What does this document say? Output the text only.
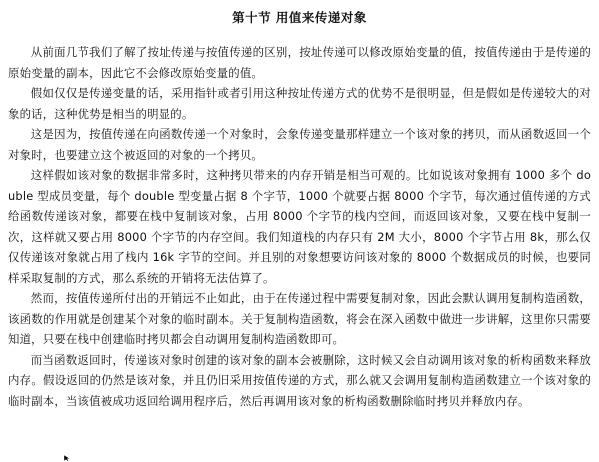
第十节 用值来传递对象

从前面几节我们了解了按址传递与按值传递的区别，按址传递可以修改原始变量的值，按值传递由于是传递的原始变量的副本，因此它不会修改原始变量的值。

假如仅仅是传递变量的话，采用指针或者引用这种按址传递方式的优势不是很明显，但是假如是传递较大的对象的话，这种优势是相当的明显的。

这是因为，按值传递在向函数传递一个对象时，会象传递变量那样建立一个该对象的拷贝，而从函数返回一个对象时，也要建立这个被返回的对象的一个拷贝。

这样假如该对象的数据非常多时，这种拷贝带来的内存开销是相当可观的。比如说该对象拥有 1000 多个 double 型成员变量，每个 double 型变量占据 8 个字节，1000 个就要占据 8000 个字节，每次通过值传递的方式给函数传递该对象，都要在栈中复制该对象，占用 8000 个字节的栈内空间，而返回该对象，又要在栈中复制一次，这样就又要占用 8000 个字节的内存空间。我们知道栈的内存只有 2M 大小，8000 个字节占用 8k，那么仅仅传递该对象就占用了栈内 16k 字节的空间。并且别的对象想要访问该对象的 8000 个数据成员的时候，也要同样采取复制的方式，那么系统的开销将无法估算了。

然而，按值传递所付出的开销远不止如此，由于在传递过程中需要复制对象，因此会默认调用复制构造函数，该函数的作用就是创建某个对象的临时副本。关于复制构造函数，将会在深入函数中做进一步讲解，这里你只需要知道，只要在栈中创建临时拷贝都会自动调用复制构造函数即可。

而当函数返回时，传递该对象时创建的该对象的副本会被删除，这时候又会自动调用该对象的析构函数来释放内存。假设返回的仍然是该对象，并且仍旧采用按值传递的方式，那么就又会调用复制构造函数建立一个该对象的临时副本，当该值被成功返回给调用程序后，然后再调用该对象的析构函数删除临时拷贝并释放内存。
